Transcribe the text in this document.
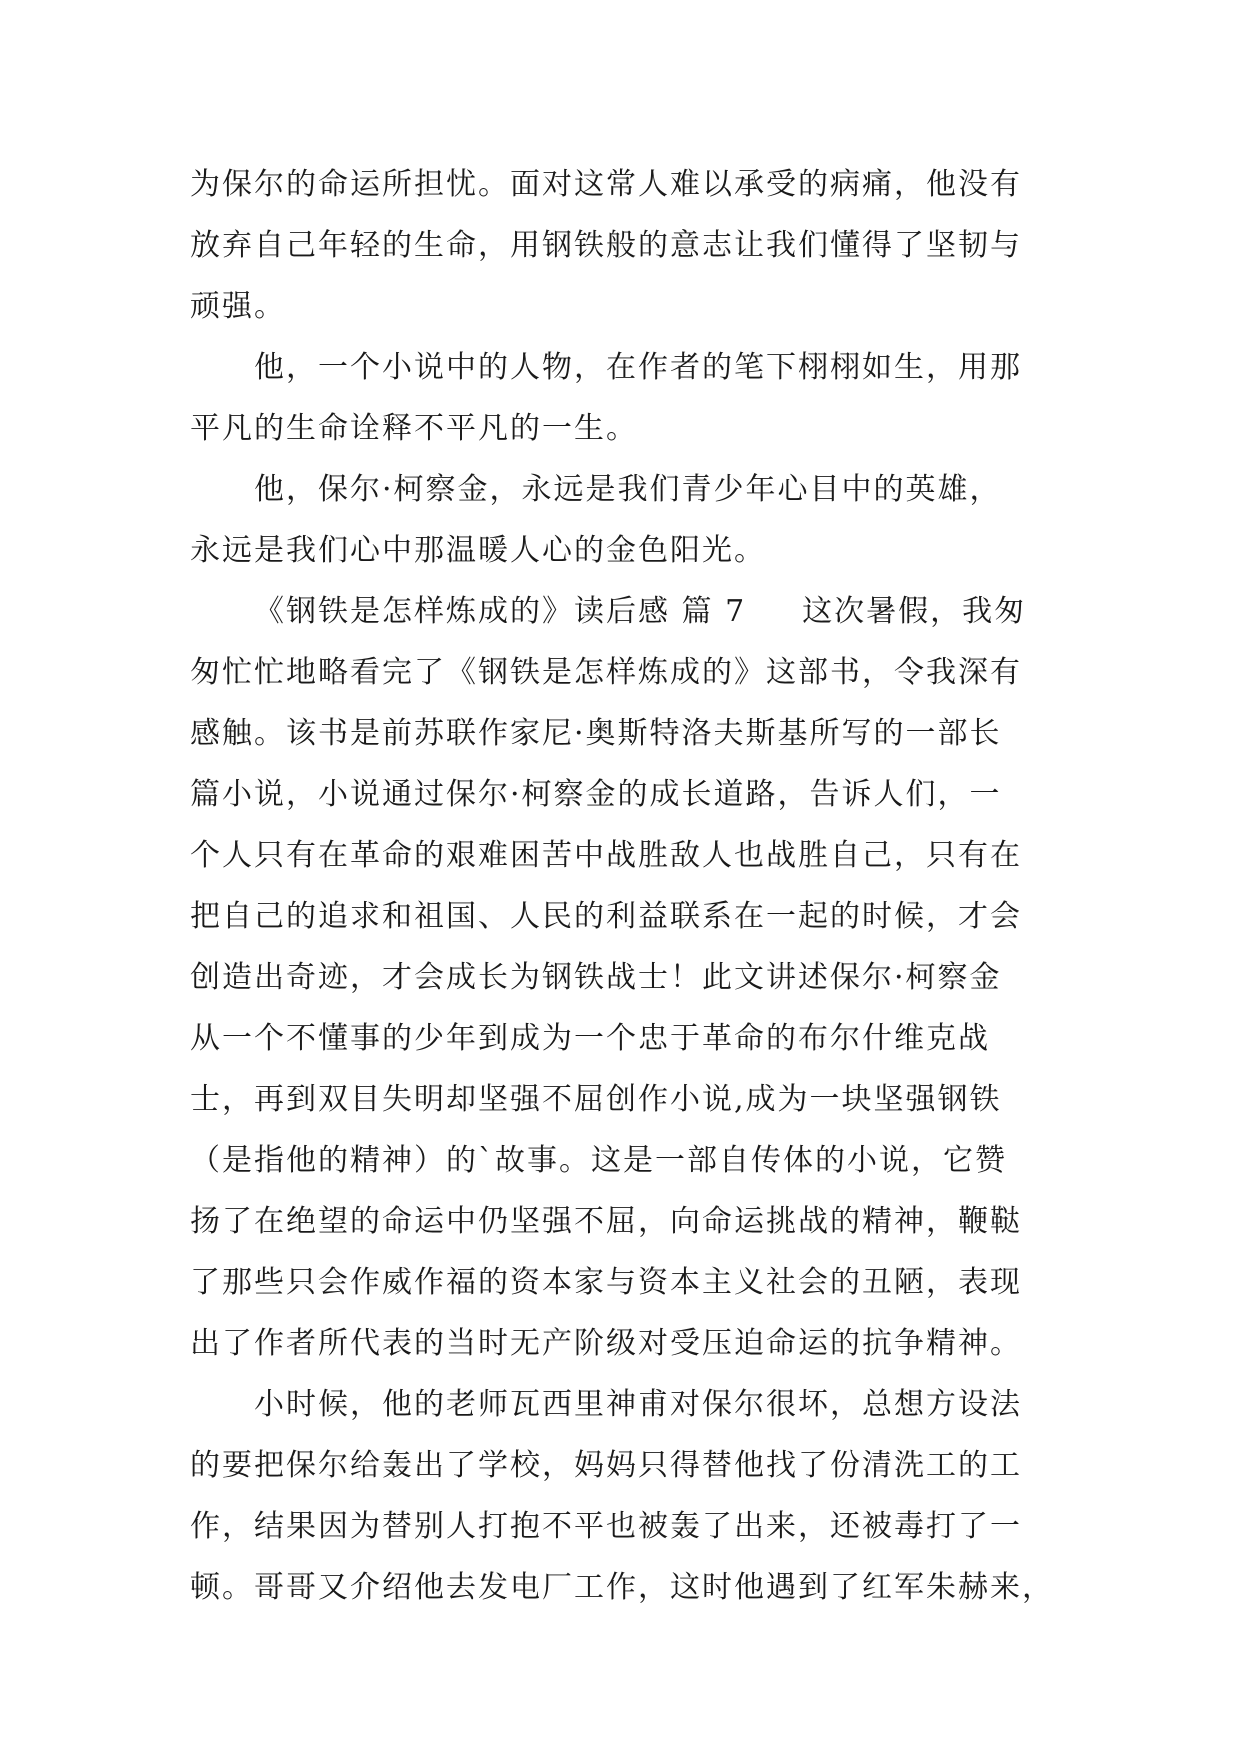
为保尔的命运所担忧。面对这常人难以承受的病痛，他没有
放弃自己年轻的生命，用钢铁般的意志让我们懂得了坚韧与
顽强。
他，一个小说中的人物，在作者的笔下栩栩如生，用那
平凡的生命诠释不平凡的一生。
他，保尔·柯察金，永远是我们青少年心目中的英雄，
永远是我们心中那温暖人心的金色阳光。
《钢铁是怎样炼成的》读后感 篇 7 这次暑假，我匆
匆忙忙地略看完了《钢铁是怎样炼成的》这部书，令我深有
感触。该书是前苏联作家尼·奥斯特洛夫斯基所写的一部长
篇小说，小说通过保尔·柯察金的成长道路，告诉人们，一
个人只有在革命的艰难困苦中战胜敌人也战胜自己，只有在
把自己的追求和祖国、人民的利益联系在一起的时候，才会
创造出奇迹，才会成长为钢铁战士！此文讲述保尔·柯察金
从一个不懂事的少年到成为一个忠于革命的布尔什维克战
士，再到双目失明却坚强不屈创作小说,成为一块坚强钢铁
（是指他的精神）的`故事。这是一部自传体的小说，它赞
扬了在绝望的命运中仍坚强不屈，向命运挑战的精神，鞭鞑
了那些只会作威作福的资本家与资本主义社会的丑陋，表现
出了作者所代表的当时无产阶级对受压迫命运的抗争精神。
小时候，他的老师瓦西里神甫对保尔很坏，总想方设法
的要把保尔给轰出了学校，妈妈只得替他找了份清洗工的工
作，结果因为替别人打抱不平也被轰了出来，还被毒打了一
顿。哥哥又介绍他去发电厂工作，这时他遇到了红军朱赫来，
